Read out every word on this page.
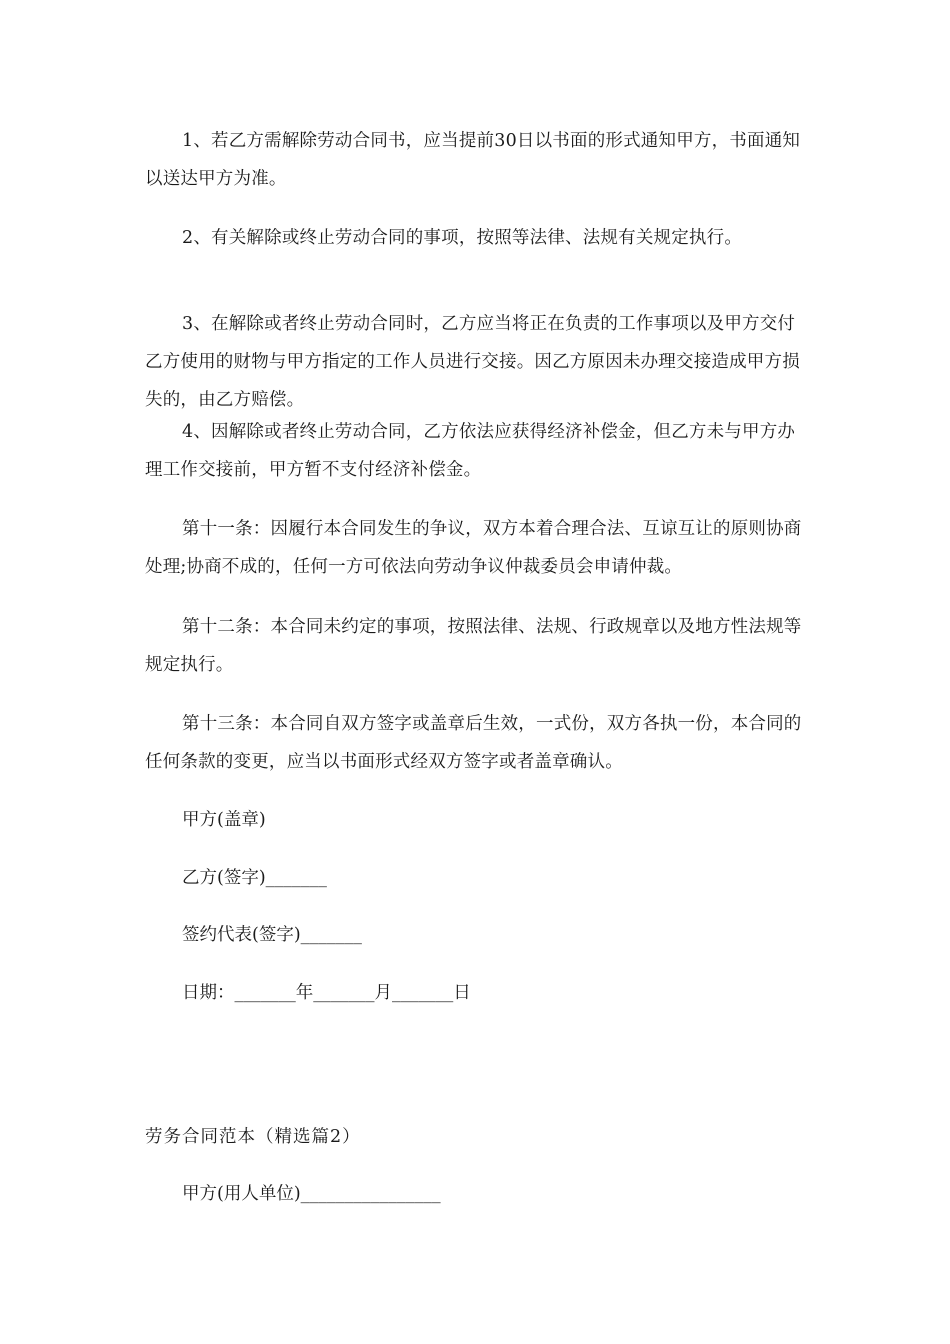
1、若乙方需解除劳动合同书，应当提前30日以书面的形式通知甲方，书面通知以送达甲方为准。

2、有关解除或终止劳动合同的事项，按照等法律、法规有关规定执行。

3、在解除或者终止劳动合同时，乙方应当将正在负责的工作事项以及甲方交付乙方使用的财物与甲方指定的工作人员进行交接。因乙方原因未办理交接造成甲方损失的，由乙方赔偿。

4、因解除或者终止劳动合同，乙方依法应获得经济补偿金，但乙方未与甲方办理工作交接前，甲方暂不支付经济补偿金。

第十一条：因履行本合同发生的争议，双方本着合理合法、互谅互让的原则协商处理;协商不成的，任何一方可依法向劳动争议仲裁委员会申请仲裁。

第十二条：本合同未约定的事项，按照法律、法规、行政规章以及地方性法规等规定执行。

第十三条：本合同自双方签字或盖章后生效，一式份，双方各执一份，本合同的任何条款的变更，应当以书面形式经双方签字或者盖章确认。

甲方(盖章)

乙方(签字)_______

签约代表(签字)_______

日期：_______年_______月_______日

劳务合同范本（精选篇2）

甲方(用人单位)________________
